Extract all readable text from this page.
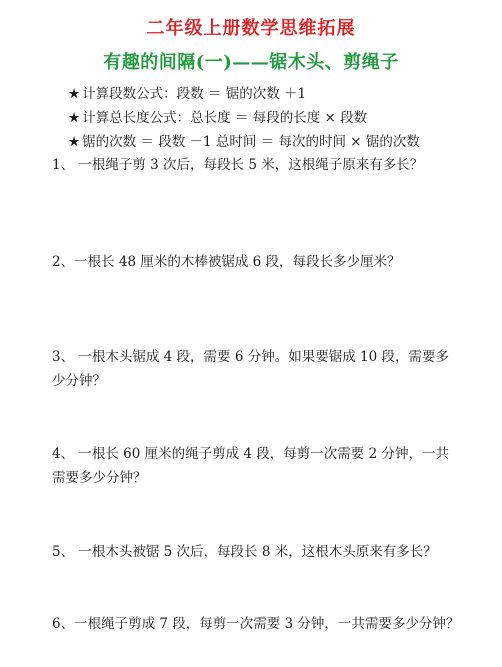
二年级上册数学思维拓展
有趣的间隔(一)——锯木头、剪绳子
★ 计算段数公式：段数 ＝ 锯的次数 ＋1
★ 计算总长度公式：总长度 ＝ 每段的长度 × 段数
★ 锯的次数 ＝ 段数 －1 总时间 ＝ 每次的时间 × 锯的次数
1、 一根绳子剪 3 次后，每段长 5 米，这根绳子原来有多长？
2、一根长 48 厘米的木棒被锯成 6 段，每段长多少厘米？
3、 一根木头锯成 4 段，需要 6 分钟。如果要锯成 10 段，需要多少分钟？
4、 一根长 60 厘米的绳子剪成 4 段，每剪一次需要 2 分钟，一共需要多少分钟？
5、 一根木头被锯 5 次后，每段长 8 米，这根木头原来有多长？
6、一根绳子剪成 7 段，每剪一次需要 3 分钟，一共需要多少分钟？
